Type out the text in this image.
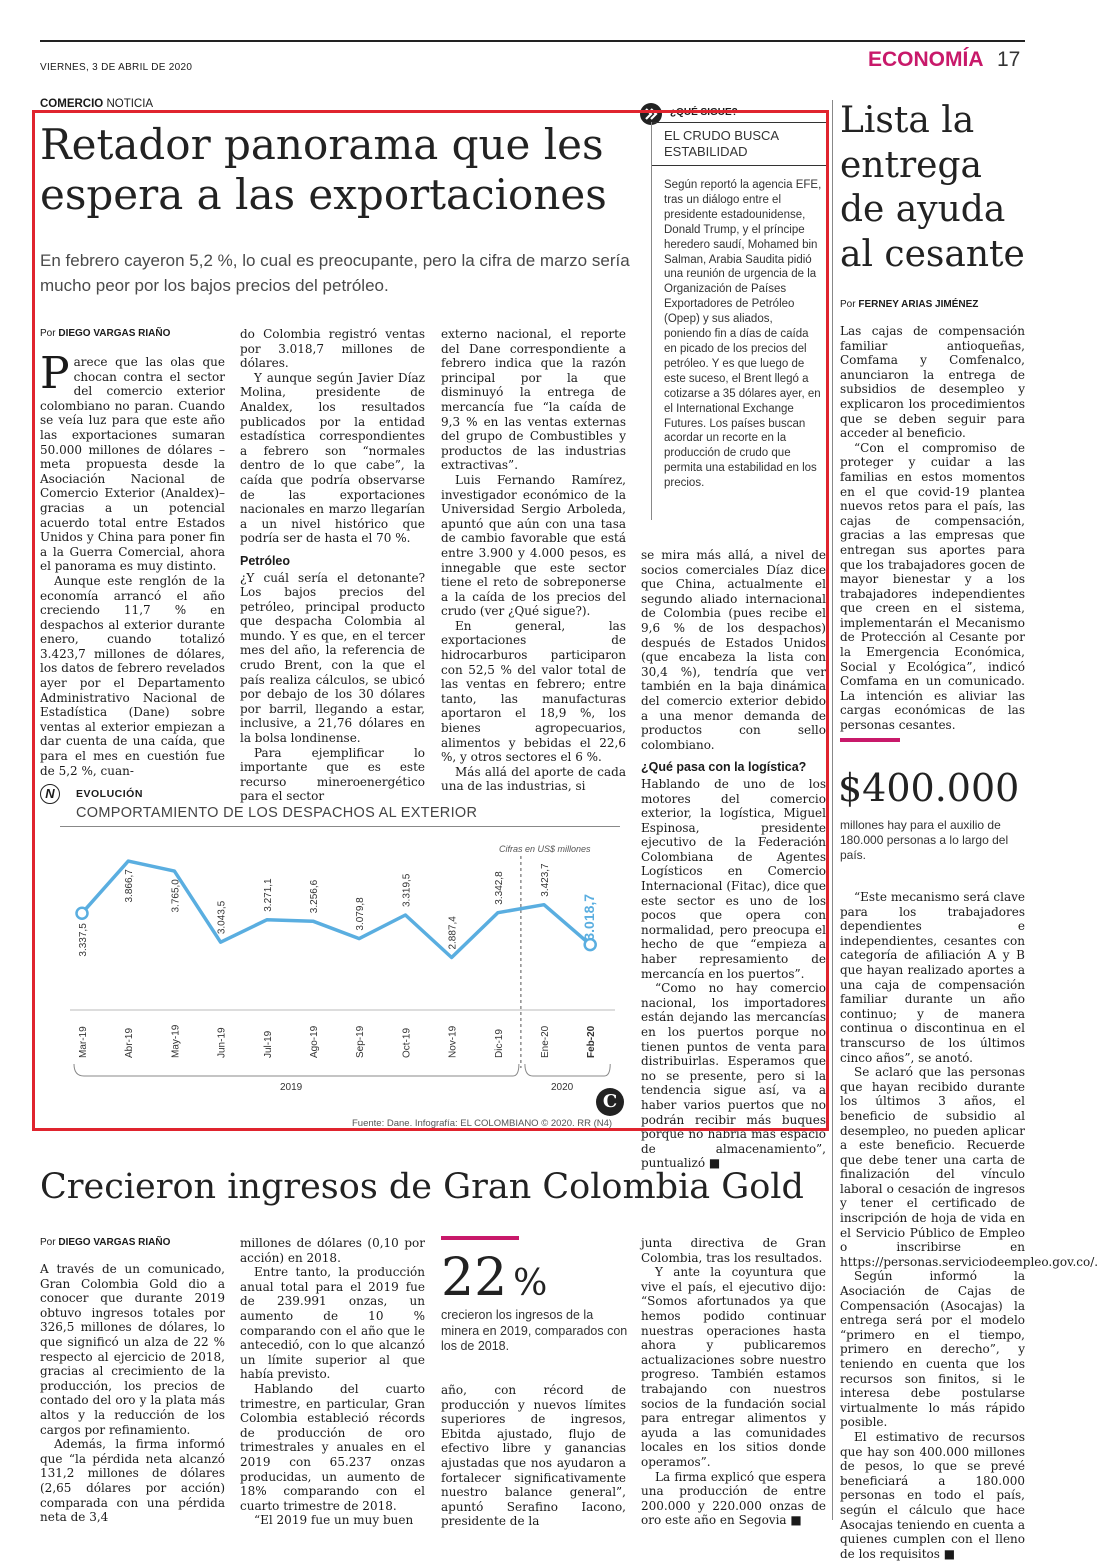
VIERNES, 3 DE ABRIL DE 2020	ECONOMÍA 17
COMERCIO NOTICIA
Retador panorama que les espera a las exportaciones
En febrero cayeron 5,2 %, lo cual es preocupante, pero la cifra de marzo sería mucho peor por los bajos precios del petróleo.
Por DIEGO VARGAS RIAÑO

Parece que las olas que chocan contra el sector del comercio exterior colombiano no paran. Cuando se veía luz para que este año las exportaciones sumaran 50.000 millones de dólares –meta propuesta desde la Asociación Nacional de Comercio Exterior (Analdex)– gracias a un potencial acuerdo total entre Estados Unidos y China para poner fin a la Guerra Comercial, ahora el panorama es muy distinto.

Aunque este renglón de la economía arrancó el año creciendo 11,7 % en despachos al exterior durante enero, cuando totalizó 3.423,7 millones de dólares, los datos de febrero revelados ayer por el Departamento Administrativo Nacional de Estadística (Dane) sobre ventas al exterior empiezan a dar cuenta de una caída, que para el mes en cuestión fue de 5,2 %, cuan-

do Colombia registró ventas por 3.018,7 millones de dólares.

Y aunque según Javier Díaz Molina, presidente de Analdex, los resultados publicados por la entidad estadística correspondientes a febrero son “normales dentro de lo que cabe”, la caída que podría observarse de las exportaciones nacionales en marzo llegarían a un nivel histórico que podría ser de hasta el 70 %.

Petróleo

¿Y cuál sería el detonante? Los bajos precios del petróleo, principal producto que despacha Colombia al mundo. Y es que, en el tercer mes del año, la referencia de crudo Brent, con la que el país realiza cálculos, se ubicó por debajo de los 30 dólares por barril, llegando a estar, inclusive, a 21,76 dólares en la bolsa londinense.

Para ejemplificar lo importante que es este recurso mineroenergético para el sector

externo nacional, el reporte del Dane correspondiente a febrero indica que la razón principal por la que disminuyó la entrega de mercancía fue “la caída de 9,3 % en las ventas externas del grupo de Combustibles y productos de las industrias extractivas”.

Luis Fernando Ramírez, investigador económico de la Universidad Sergio Arboleda, apuntó que aún con una tasa de cambio favorable que está entre 3.900 y 4.000 pesos, es innegable que este sector tiene el reto de sobreponerse a la caída de los precios del crudo (ver ¿Qué sigue?).

En general, las exportaciones de hidrocarburos participaron con 52,5 % del valor total de las ventas en febrero; entre tanto, las manufacturas aportaron el 18,9 %, los bienes agropecuarios, alimentos y bebidas el 22,6 %, y otros sectores el 6 %.

Más allá del aporte de cada una de las industrias, si

se mira más allá, a nivel de socios comerciales Díaz dice que China, actualmente el segundo aliado internacional de Colombia (pues recibe el 9,6 % de los despachos) después de Estados Unidos (que encabeza la lista con 30,4 %), tendría que ver también en la baja dinámica del comercio exterior debido a una menor demanda de productos con sello colombiano.

¿Qué pasa con la logística?

Hablando de uno de los motores del comercio exterior, la logística, Miguel Espinosa, presidente ejecutivo de la Federación Colombiana de Agentes Logísticos en Comercio Internacional (Fitac), dice que este sector es uno de los pocos que opera con normalidad, pero preocupa el hecho de que “empieza a haber represamiento de mercancía en los puertos”.

“Como no hay comercio nacional, los importadores están dejando las mercancías en los puertos porque no tienen puntos de venta para distribuirlas. Esperamos que no se presente, pero si la tendencia sigue así, va a haber varios puertos que no podrán recibir más buques porque no habría más espacio de almacenamiento”, puntualizó ■

¿QUÉ SIGUE?
EL CRUDO BUSCA ESTABILIDAD
Según reportó la agencia EFE, tras un diálogo entre el presidente estadounidense, Donald Trump, y el príncipe heredero saudí, Mohamed bin Salman, Arabia Saudita pidió una reunión de urgencia de la Organización de Países Exportadores de Petróleo (Opep) y sus aliados, poniendo fin a días de caída en picado de los precios del petróleo. Y es que luego de este suceso, el Brent llegó a cotizarse a 35 dólares ayer, en el International Exchange Futures. Los países buscan acordar un recorte en la producción de crudo que permita una estabilidad en los precios.
N	EVOLUCIÓN
COMPORTAMIENTO DE LOS DESPACHOS AL EXTERIOR
3.337,5
3.866,7	3.765,0
3.043,5
3.271,1	3.256,6
3.079,8
3.319,5
2.887,4
3.342,8	3.423,7
3.018,7
Mar-19	Abr-19	May-19	Jun-19	Jul-19	Ago-19	Sep-19	Oct-19	Nov-19	Dic-19	Ene-20	Feb-20
Cifras en US$ millones
2019	2020
C
Fuente: Dane. Infografía: EL COLOMBIANO © 2020. RR (N4)
Lista la entrega de ayuda al cesante
Por FERNEY ARIAS JIMÉNEZ

Las cajas de compensación familiar antioqueñas, Comfama y Comfenalco, anunciaron la entrega de subsidios de desempleo y explicaron los procedimientos que se deben seguir para acceder al beneficio.

“Con el compromiso de proteger y cuidar a las familias en estos momentos en el que covid-19 plantea nuevos retos para el país, las cajas de compensación, gracias a las empresas que entregan sus aportes para que los trabajadores gocen de mayor bienestar y a los trabajadores independientes que creen en el sistema, implementarán el Mecanismo de Protección al Cesante por la Emergencia Económica, Social y Ecológica”, indicó Comfama en un comunicado. La intención es aliviar las cargas económicas de las personas cesantes.

$400.000
millones hay para el auxilio de 180.000 personas a lo largo del país.

“Este mecanismo será clave para los trabajadores dependientes e independientes, cesantes con categoría de afiliación A y B que hayan realizado aportes a una caja de compensación familiar durante un año continuo; y de manera continua o discontinua en el transcurso de los últimos cinco años”, se anotó.

Se aclaró que las personas que hayan recibido durante los últimos 3 años, el beneficio de subsidio al desempleo, no pueden aplicar a este beneficio. Recuerde que debe tener una carta de finalización del vínculo laboral o cesación de ingresos y tener el certificado de inscripción de hoja de vida en el Servicio Público de Empleo o inscribirse en https://personas.serviciodeempleo.gov.co/.

Según informó la Asociación de Cajas de Compensación (Asocajas) la entrega será por el modelo “primero en el tiempo, primero en derecho”, y teniendo en cuenta que los recursos son finitos, si le interesa debe postularse virtualmente lo más rápido posible.

El estimativo de recursos que hay son 400.000 millones de pesos, lo que se prevé beneficiará a 180.000 personas en todo el país, según el cálculo que hace Asocajas teniendo en cuenta a quienes cumplen con el lleno de los requisitos ■

Crecieron ingresos de Gran Colombia Gold
Por DIEGO VARGAS RIAÑO

A través de un comunicado, Gran Colombia Gold dio a conocer que durante 2019 obtuvo ingresos totales por 326,5 millones de dólares, lo que significó un alza de 22 % respecto al ejercicio de 2018, gracias al crecimiento de la producción, los precios de contado del oro y la plata más altos y la reducción de los cargos por refinamiento.

Además, la firma informó que “la pérdida neta alcanzó 131,2 millones de dólares (2,65 dólares por acción) comparada con una pérdida neta de 3,4

millones de dólares (0,10 por acción) en 2018.

Entre tanto, la producción anual total para el 2019 fue de 239.991 onzas, un aumento de 10 % comparando con el año que le antecedió, con lo que alcanzó un límite superior al que había previsto.

Hablando del cuarto trimestre, en particular, Gran Colombia estableció récords de producción de oro trimestrales y anuales en el 2019 con 65.237 onzas producidas, un aumento de 18% comparando con el cuarto trimestre de 2018.

“El 2019 fue un muy buen

22 %
crecieron los ingresos de la minera en 2019, comparados con los de 2018.

año, con récord de producción y nuevos límites superiores de ingresos, Ebitda ajustado, flujo de efectivo libre y ganancias ajustadas que nos ayudaron a fortalecer significativamente nuestro balance general”, apuntó Serafino Iacono, presidente de la

junta directiva de Gran Colombia, tras los resultados.

Y ante la coyuntura que vive el país, el ejecutivo dijo: “Somos afortunados ya que hemos podido continuar nuestras operaciones hasta ahora y publicaremos actualizaciones sobre nuestro progreso. También estamos trabajando con nuestros socios de la fundación social para entregar alimentos y ayuda a las comunidades locales en los sitios donde operamos”.

La firma explicó que espera una producción de entre 200.000 y 220.000 onzas de oro este año en Segovia ■
